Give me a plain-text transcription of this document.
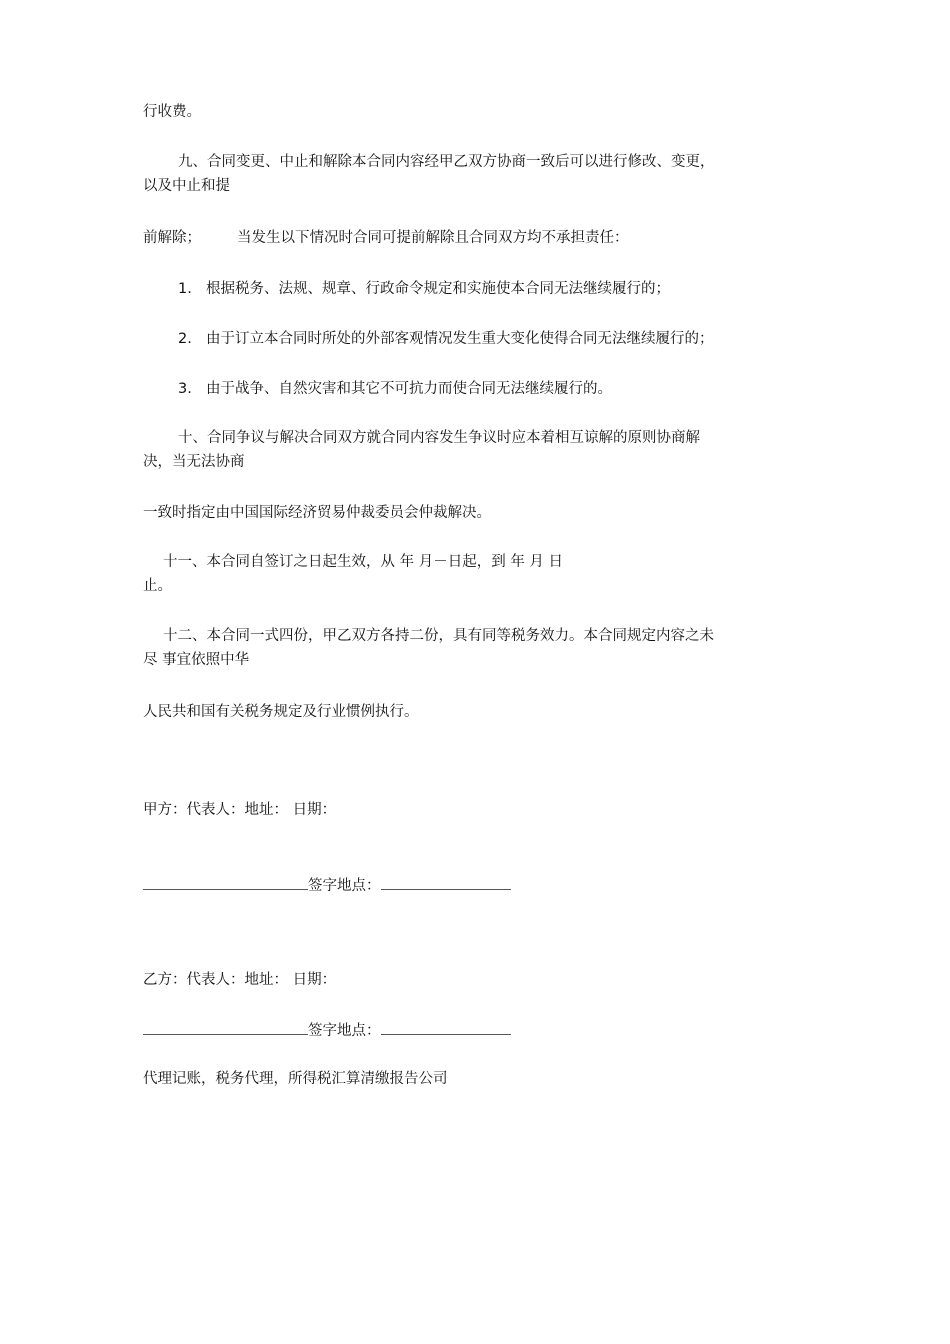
行收费。
九、合同变更、中止和解除本合同内容经甲乙双方协商一致后可以进行修改、变更，
以及中止和提
前解除； 当发生以下情况时合同可提前解除且合同双方均不承担责任：
1. 根据税务、法规、规章、行政命令规定和实施使本合同无法继续履行的；
2. 由于订立本合同时所处的外部客观情况发生重大变化使得合同无法继续履行的；
3. 由于战争、自然灾害和其它不可抗力而使合同无法继续履行的。
十、合同争议与解决合同双方就合同内容发生争议时应本着相互谅解的原则协商解
决，当无法协商
一致时指定由中国国际经济贸易仲裁委员会仲裁解决。
十一、本合同自签订之日起生效，从 年 月－日起，到 年 月 日
止。
十二、本合同一式四份，甲乙双方各持二份，具有同等税务效力。本合同规定内容之未
尽 事宜依照中华
人民共和国有关税务规定及行业惯例执行。
甲方：代表人：地址： 日期：
签字地点：
乙方：代表人：地址： 日期：
签字地点：
代理记账，税务代理，所得税汇算清缴报告公司
